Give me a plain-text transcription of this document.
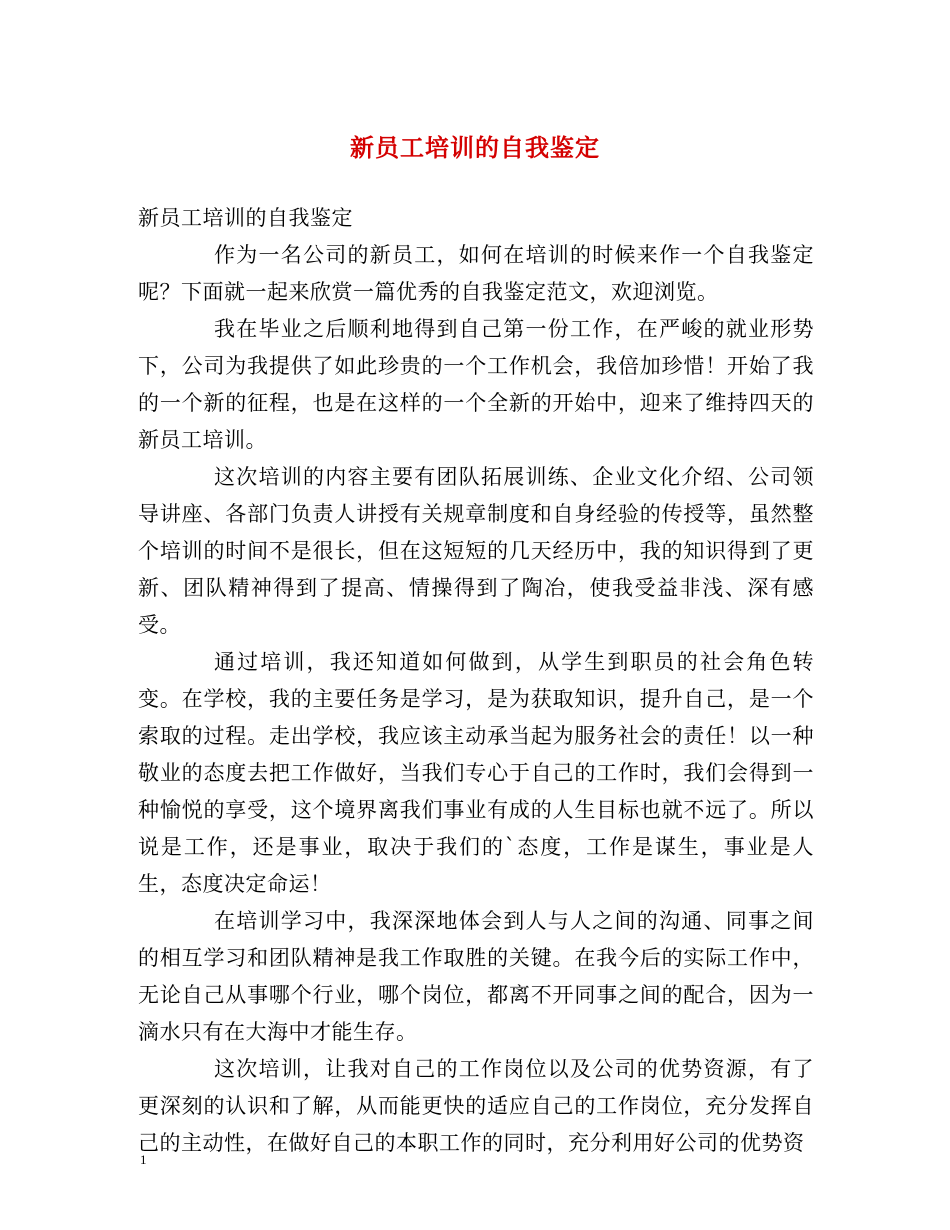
新员工培训的自我鉴定

新员工培训的自我鉴定

作为一名公司的新员工，如何在培训的时候来作一个自我鉴定呢？下面就一起来欣赏一篇优秀的自我鉴定范文，欢迎浏览。

我在毕业之后顺利地得到自己第一份工作，在严峻的就业形势下，公司为我提供了如此珍贵的一个工作机会，我倍加珍惜！开始了我的一个新的征程，也是在这样的一个全新的开始中，迎来了维持四天的新员工培训。

这次培训的内容主要有团队拓展训练、企业文化介绍、公司领导讲座、各部门负责人讲授有关规章制度和自身经验的传授等，虽然整个培训的时间不是很长，但在这短短的几天经历中，我的知识得到了更新、团队精神得到了提高、情操得到了陶冶，使我受益非浅、深有感受。

通过培训，我还知道如何做到，从学生到职员的社会角色转变。在学校，我的主要任务是学习，是为获取知识，提升自己，是一个索取的过程。走出学校，我应该主动承当起为服务社会的责任！以一种敬业的态度去把工作做好，当我们专心于自己的工作时，我们会得到一种愉悦的享受，这个境界离我们事业有成的人生目标也就不远了。所以说是工作，还是事业，取决于我们的`态度，工作是谋生，事业是人生，态度决定命运！

在培训学习中，我深深地体会到人与人之间的沟通、同事之间的相互学习和团队精神是我工作取胜的关键。在我今后的实际工作中，无论自己从事哪个行业，哪个岗位，都离不开同事之间的配合，因为一滴水只有在大海中才能生存。

这次培训，让我对自己的工作岗位以及公司的优势资源，有了更深刻的认识和了解，从而能更快的适应自己的工作岗位，充分发挥自己的主动性，在做好自己的本职工作的同时，充分利用好公司的优势资

1
